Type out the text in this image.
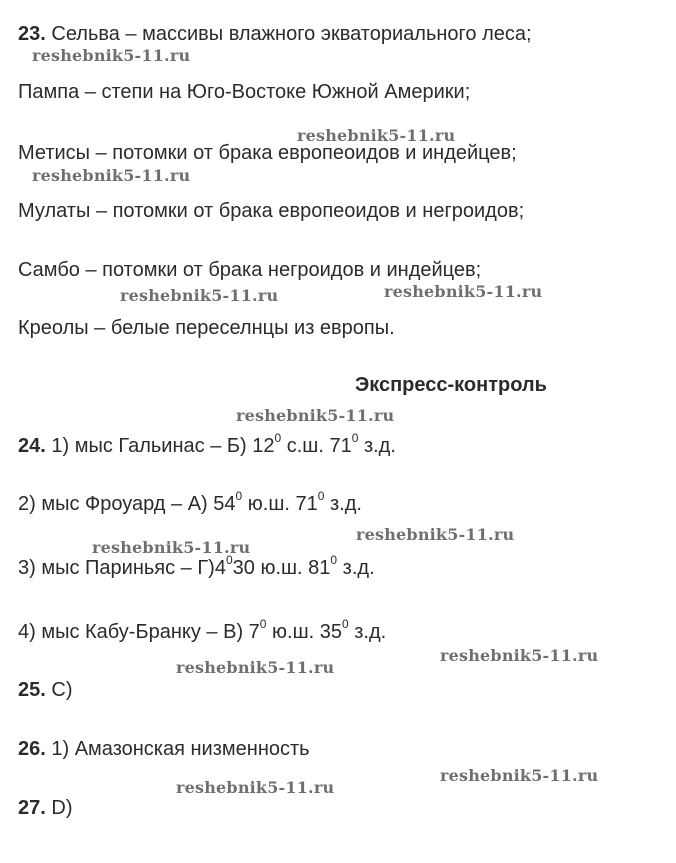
23. Сельва – массивы влажного экваториального леса;
Пампа – степи на Юго-Востоке Южной Америки;
Метисы – потомки от брака европеоидов и индейцев;
Мулаты – потомки от брака европеоидов и негроидов;
Самбо – потомки от брака негроидов и индейцев;
Креолы – белые переселнцы из европы.
Экспресс-контроль
24. 1) мыс Гальинас – Б) $12^0$ с.ш. $71^0$ з.д.
2) мыс Фроуард – А) $54^0$ ю.ш. $71^0$ з.д.
3) мыс Париньяс – $Г)4^030$ ю.ш. $81^0$ з.д.
4) мыс Кабу-Бранку – В) $7^0$ ю.ш. $35^0$ з.д.
25. C)
26. 1) Амазонская низменность
27. D)
reshebnik5-11.ru
reshebnik5-11.ru
reshebnik5-11.ru
reshebnik5-11.ru	reshebnik5-11.ru
reshebnik5-11.ru
reshebnik5-11.ru
reshebnik5-11.ru
reshebnik5-11.ru
reshebnik5-11.ru
reshebnik5-11.ru
reshebnik5-11.ru
